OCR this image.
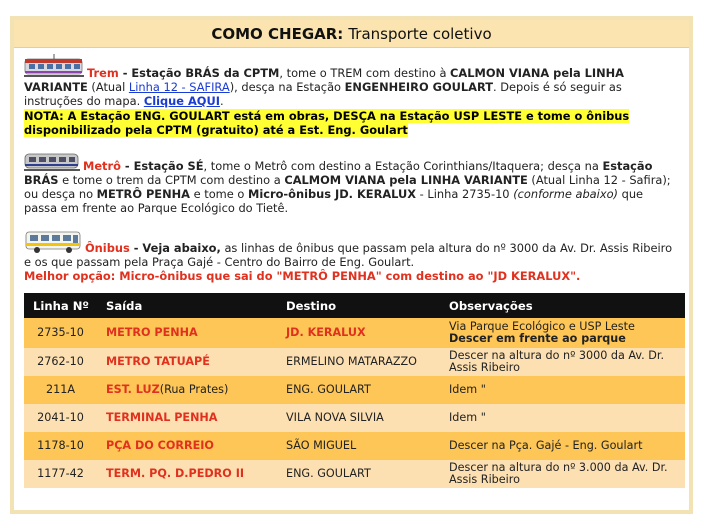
COMO CHEGAR: Transporte coletivo

Trem - Estação BRÁS da CPTM, tome o TREM com destino à CALMON VIANA pela LINHA VARIANTE (Atual Linha 12 - SAFIRA), desça na Estação ENGENHEIRO GOULART. Depois é só seguir as instruções do mapa. Clique AQUI.

NOTA: A Estação ENG. GOULART está em obras, DESÇA na Estação USP LESTE e tome o ônibus disponibilizado pela CPTM (gratuito) até a Est. Eng. Goulart

Metrô - Estação SÉ, tome o Metrô com destino a Estação Corinthians/Itaquera; desça na Estação BRÁS e tome o trem da CPTM com destino a CALMOM VIANA pela LINHA VARIANTE (Atual Linha 12 - Safira); ou desça no METRÔ PENHA e tome o Micro-ônibus JD. KERALUX - Linha 2735-10 (conforme abaixo) que passa em frente ao Parque Ecológico do Tietê.

Ônibus - Veja abaixo, as linhas de ônibus que passam pela altura do nº 3000 da Av. Dr. Assis Ribeiro e os que passam pela Praça Gajé - Centro do Bairro de Eng. Goulart.

Melhor opção: Micro-ônibus que sai do "METRÔ PENHA" com destino ao "JD KERALUX".

Linha Nº	Saída	Destino	Observações
2735-10	METRO PENHA	JD. KERALUX	Via Parque Ecológico e USP Leste
Descer em frente ao parque

2762-10	METRO TATUAPÉ	ERMELINO MATARAZZO	Descer na altura do nº 3000 da Av. Dr. Assis Ribeiro
211A	EST. LUZ(Rua Prates)	ENG. GOULART	Idem "
2041-10	TERMINAL PENHA	VILA NOVA SILVIA	Idem "
1178-10	PÇA DO CORREIO	SÃO MIGUEL	Descer na Pça. Gajé - Eng. Goulart
1177-42	TERM. PQ. D.PEDRO II	ENG. GOULART	Descer na altura do nº 3.000 da Av. Dr. Assis Ribeiro
